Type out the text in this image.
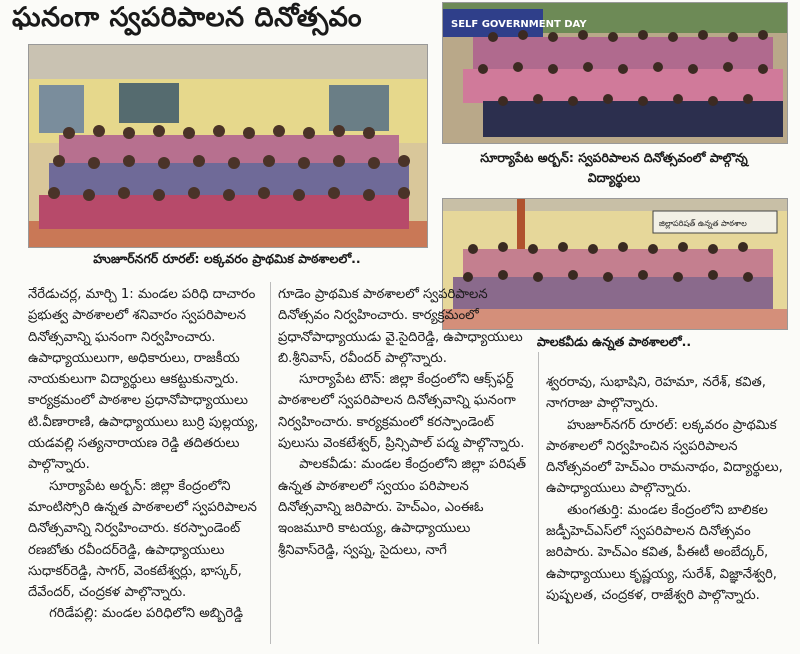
ఘనంగా స్వపరిపాలన దినోత్సవం
హుజూర్‌నగర్ రూరల్: లక్కవరం ప్రాథమిక పాఠశాలలో..
SELF GOVERNMENT DAY
సూర్యాపేట అర్బన్: స్వపరిపాలన దినోత్సవంలో పాల్గొన్న
విద్యార్థులు
జిల్లాపరిషత్ ఉన్నత పాఠశాల
పాలకవీడు ఉన్నత పాఠశాలలో..

నేరేడుచర్ల, మార్చి 1: మండల పరిధి దాచారం ప్రభుత్వ పాఠశాలలో శనివారం స్వపరిపాలన దినోత్సవాన్ని ఘనంగా నిర్వహించారు. ఉపాధ్యాయులుగా, అధికారులు, రాజకీయ నాయకులుగా విద్యార్థులు ఆకట్టుకున్నారు. కార్యక్రమంలో పాఠశాల ప్రధానోపాధ్యాయులు టి.వీణారాణి, ఉపాధ్యాయులు బుర్రి పుల్లయ్య, యడవల్లి సత్యనారాయణ రెడ్డి తదితరులు పాల్గొన్నారు.

సూర్యాపేట అర్బన్: జిల్లా కేంద్రంలోని మాంటిస్సోరి ఉన్నత పాఠశాలలో స్వపరిపాలన దినోత్సవాన్ని నిర్వహించారు. కరస్పాండెంట్ రణబోతు రవీందర్‌రెడ్డి, ఉపాధ్యాయులు సుధాకర్‌రెడ్డి, సాగర్, వెంకటేశ్వర్లు, భాస్కర్, దేవేందర్, చంద్రకళ పాల్గొన్నారు.

గరిడేపల్లి: మండల పరిధిలోని అబ్బిరెడ్డి

గూడెం ప్రాథమిక పాఠశాలలో స్వపరిపాలన దినోత్సవం నిర్వహించారు. కార్యక్రమంలో ప్రధానోపాధ్యాయుడు వై.సైదిరెడ్డి, ఉపాధ్యాయులు బి.శ్రీనివాస్, రవీందర్ పాల్గొన్నారు.

సూర్యాపేట టౌన్: జిల్లా కేంద్రంలోని ఆక్స్‌ఫర్డ్ పాఠశాలలో స్వపరిపాలన దినోత్సవాన్ని ఘనంగా నిర్వహించారు. కార్యక్రమంలో కరస్పాండెంట్ పులుసు వెంకటేశ్వర్, ప్రిన్సిపాల్ పద్మ పాల్గొన్నారు.

పాలకవీడు: మండల కేంద్రంలోని జిల్లా పరిషత్ ఉన్నత పాఠశాలలో స్వయం పరిపాలన దినోత్సవాన్ని జరిపారు. హెచ్‌ఎం, ఎంఈఓ ఇంజమూరి కాటయ్య, ఉపాధ్యాయులు శ్రీనివాస్‌రెడ్డి, స్వప్న, సైదులు, నాగే

శ్వరరావు, సుభాషిని, రెహమా, నరేశ్, కవిత, నాగరాజు పాల్గొన్నారు.

హుజూర్‌నగర్ రూరల్: లక్కవరం ప్రాథమిక పాఠశాలలో నిర్వహించిన స్వపరిపాలన దినోత్సవంలో హెచ్‌ఎం రామనాథం, విద్యార్థులు, ఉపాధ్యాయులు పాల్గొన్నారు.

తుంగతుర్తి: మండల కేంద్రంలోని బాలికల జడ్పీహెచ్‌ఎస్‌లో స్వపరిపాలన దినోత్సవం జరిపారు. హెచ్‌ఎం కవిత, పీఈటీ అంబేద్కర్, ఉపాధ్యాయులు కృష్ణయ్య, సురేశ్, విజ్ఞానేశ్వరి, పుష్పలత, చంద్రకళ, రాజేశ్వరి పాల్గొన్నారు.
